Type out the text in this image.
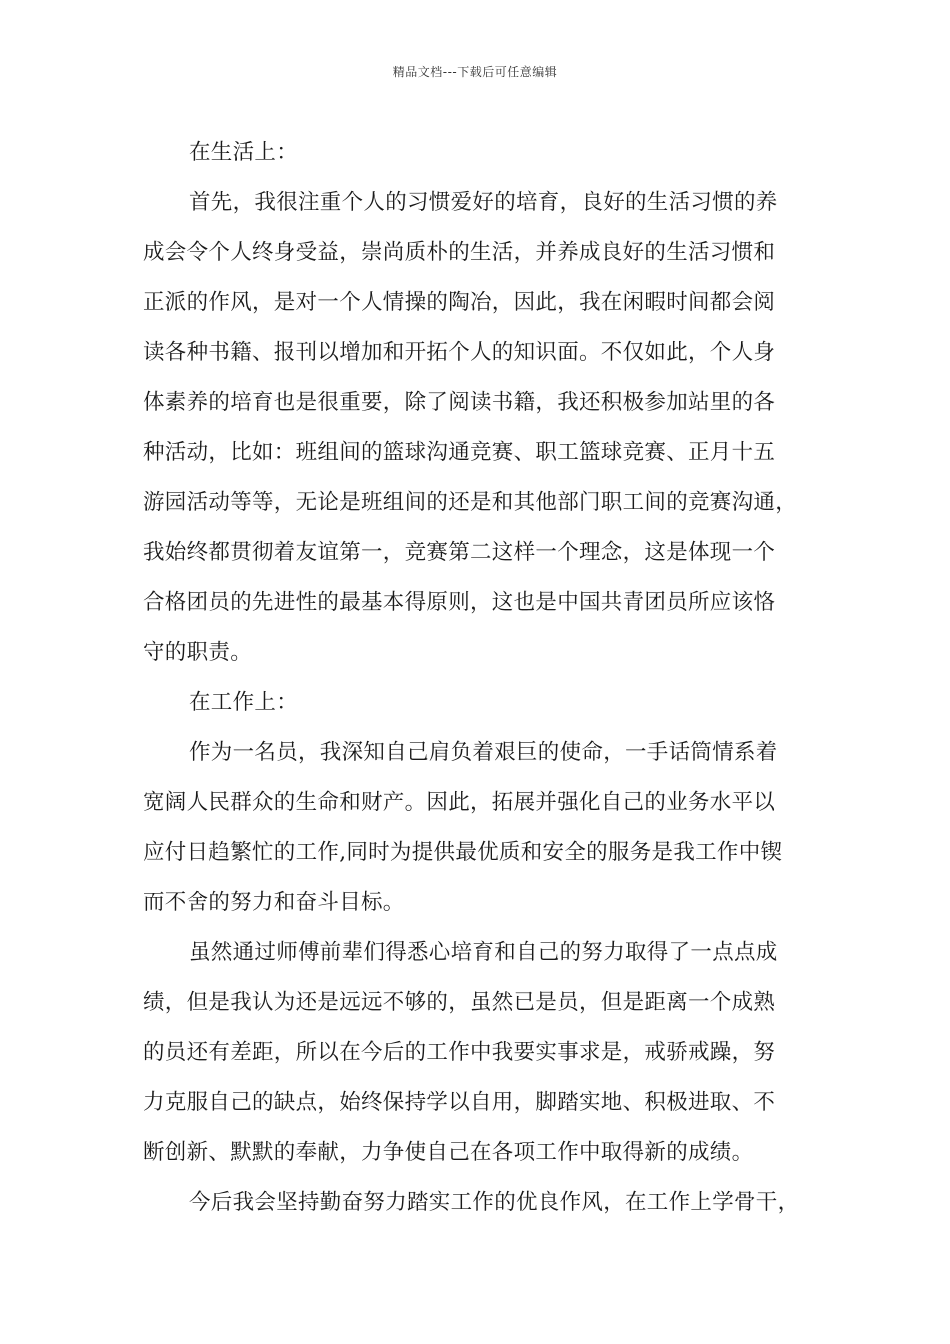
精品文档---下载后可任意编辑
在生活上：
首先，我很注重个人的习惯爱好的培育，良好的生活习惯的养
成会令个人终身受益，崇尚质朴的生活，并养成良好的生活习惯和
正派的作风，是对一个人情操的陶冶，因此，我在闲暇时间都会阅
读各种书籍、报刊以增加和开拓个人的知识面。不仅如此，个人身
体素养的培育也是很重要，除了阅读书籍，我还积极参加站里的各
种活动，比如：班组间的篮球沟通竞赛、职工篮球竞赛、正月十五
游园活动等等，无论是班组间的还是和其他部门职工间的竞赛沟通，
我始终都贯彻着友谊第一，竞赛第二这样一个理念，这是体现一个
合格团员的先进性的最基本得原则，这也是中国共青团员所应该恪
守的职责。
在工作上：
作为一名员，我深知自己肩负着艰巨的使命，一手话筒情系着
宽阔人民群众的生命和财产。因此，拓展并强化自己的业务水平以
应付日趋繁忙的工作,同时为提供最优质和安全的服务是我工作中锲
而不舍的努力和奋斗目标。
虽然通过师傅前辈们得悉心培育和自己的努力取得了一点点成
绩，但是我认为还是远远不够的，虽然已是员，但是距离一个成熟
的员还有差距，所以在今后的工作中我要实事求是，戒骄戒躁，努
力克服自己的缺点，始终保持学以自用，脚踏实地、积极进取、不
断创新、默默的奉献，力争使自己在各项工作中取得新的成绩。
今后我会坚持勤奋努力踏实工作的优良作风，在工作上学骨干，
